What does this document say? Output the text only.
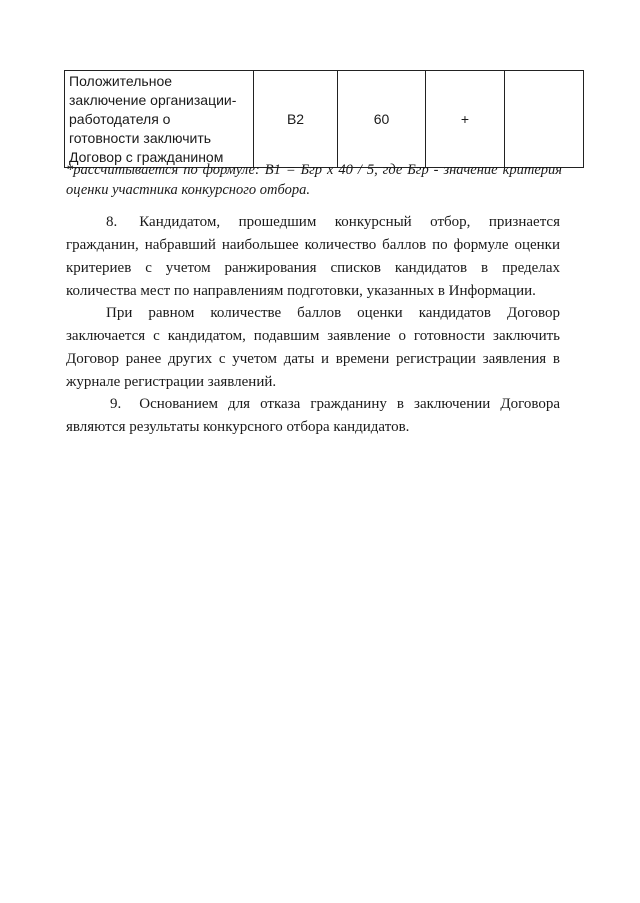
Положительное
заключение организации-
работодателя о
готовности заключить
Договор с гражданином	В2	60	+	
*рассчитывается по формуле: В1 = Бгр х 40 / 5, где Бгр - значение критерия оценки участника конкурсного отбора.
8. Кандидатом, прошедшим конкурсный отбор, признается гражданин, набравший наибольшее количество баллов по формуле оценки критериев с учетом ранжирования списков кандидатов в пределах количества мест по направлениям подготовки, указанных в Информации.
При равном количестве баллов оценки кандидатов Договор заключается с кандидатом, подавшим заявление о готовности заключить Договор ранее других с учетом даты и времени регистрации заявления в журнале регистрации заявлений.
9. Основанием для отказа гражданину в заключении Договора являются результаты конкурсного отбора кандидатов.
